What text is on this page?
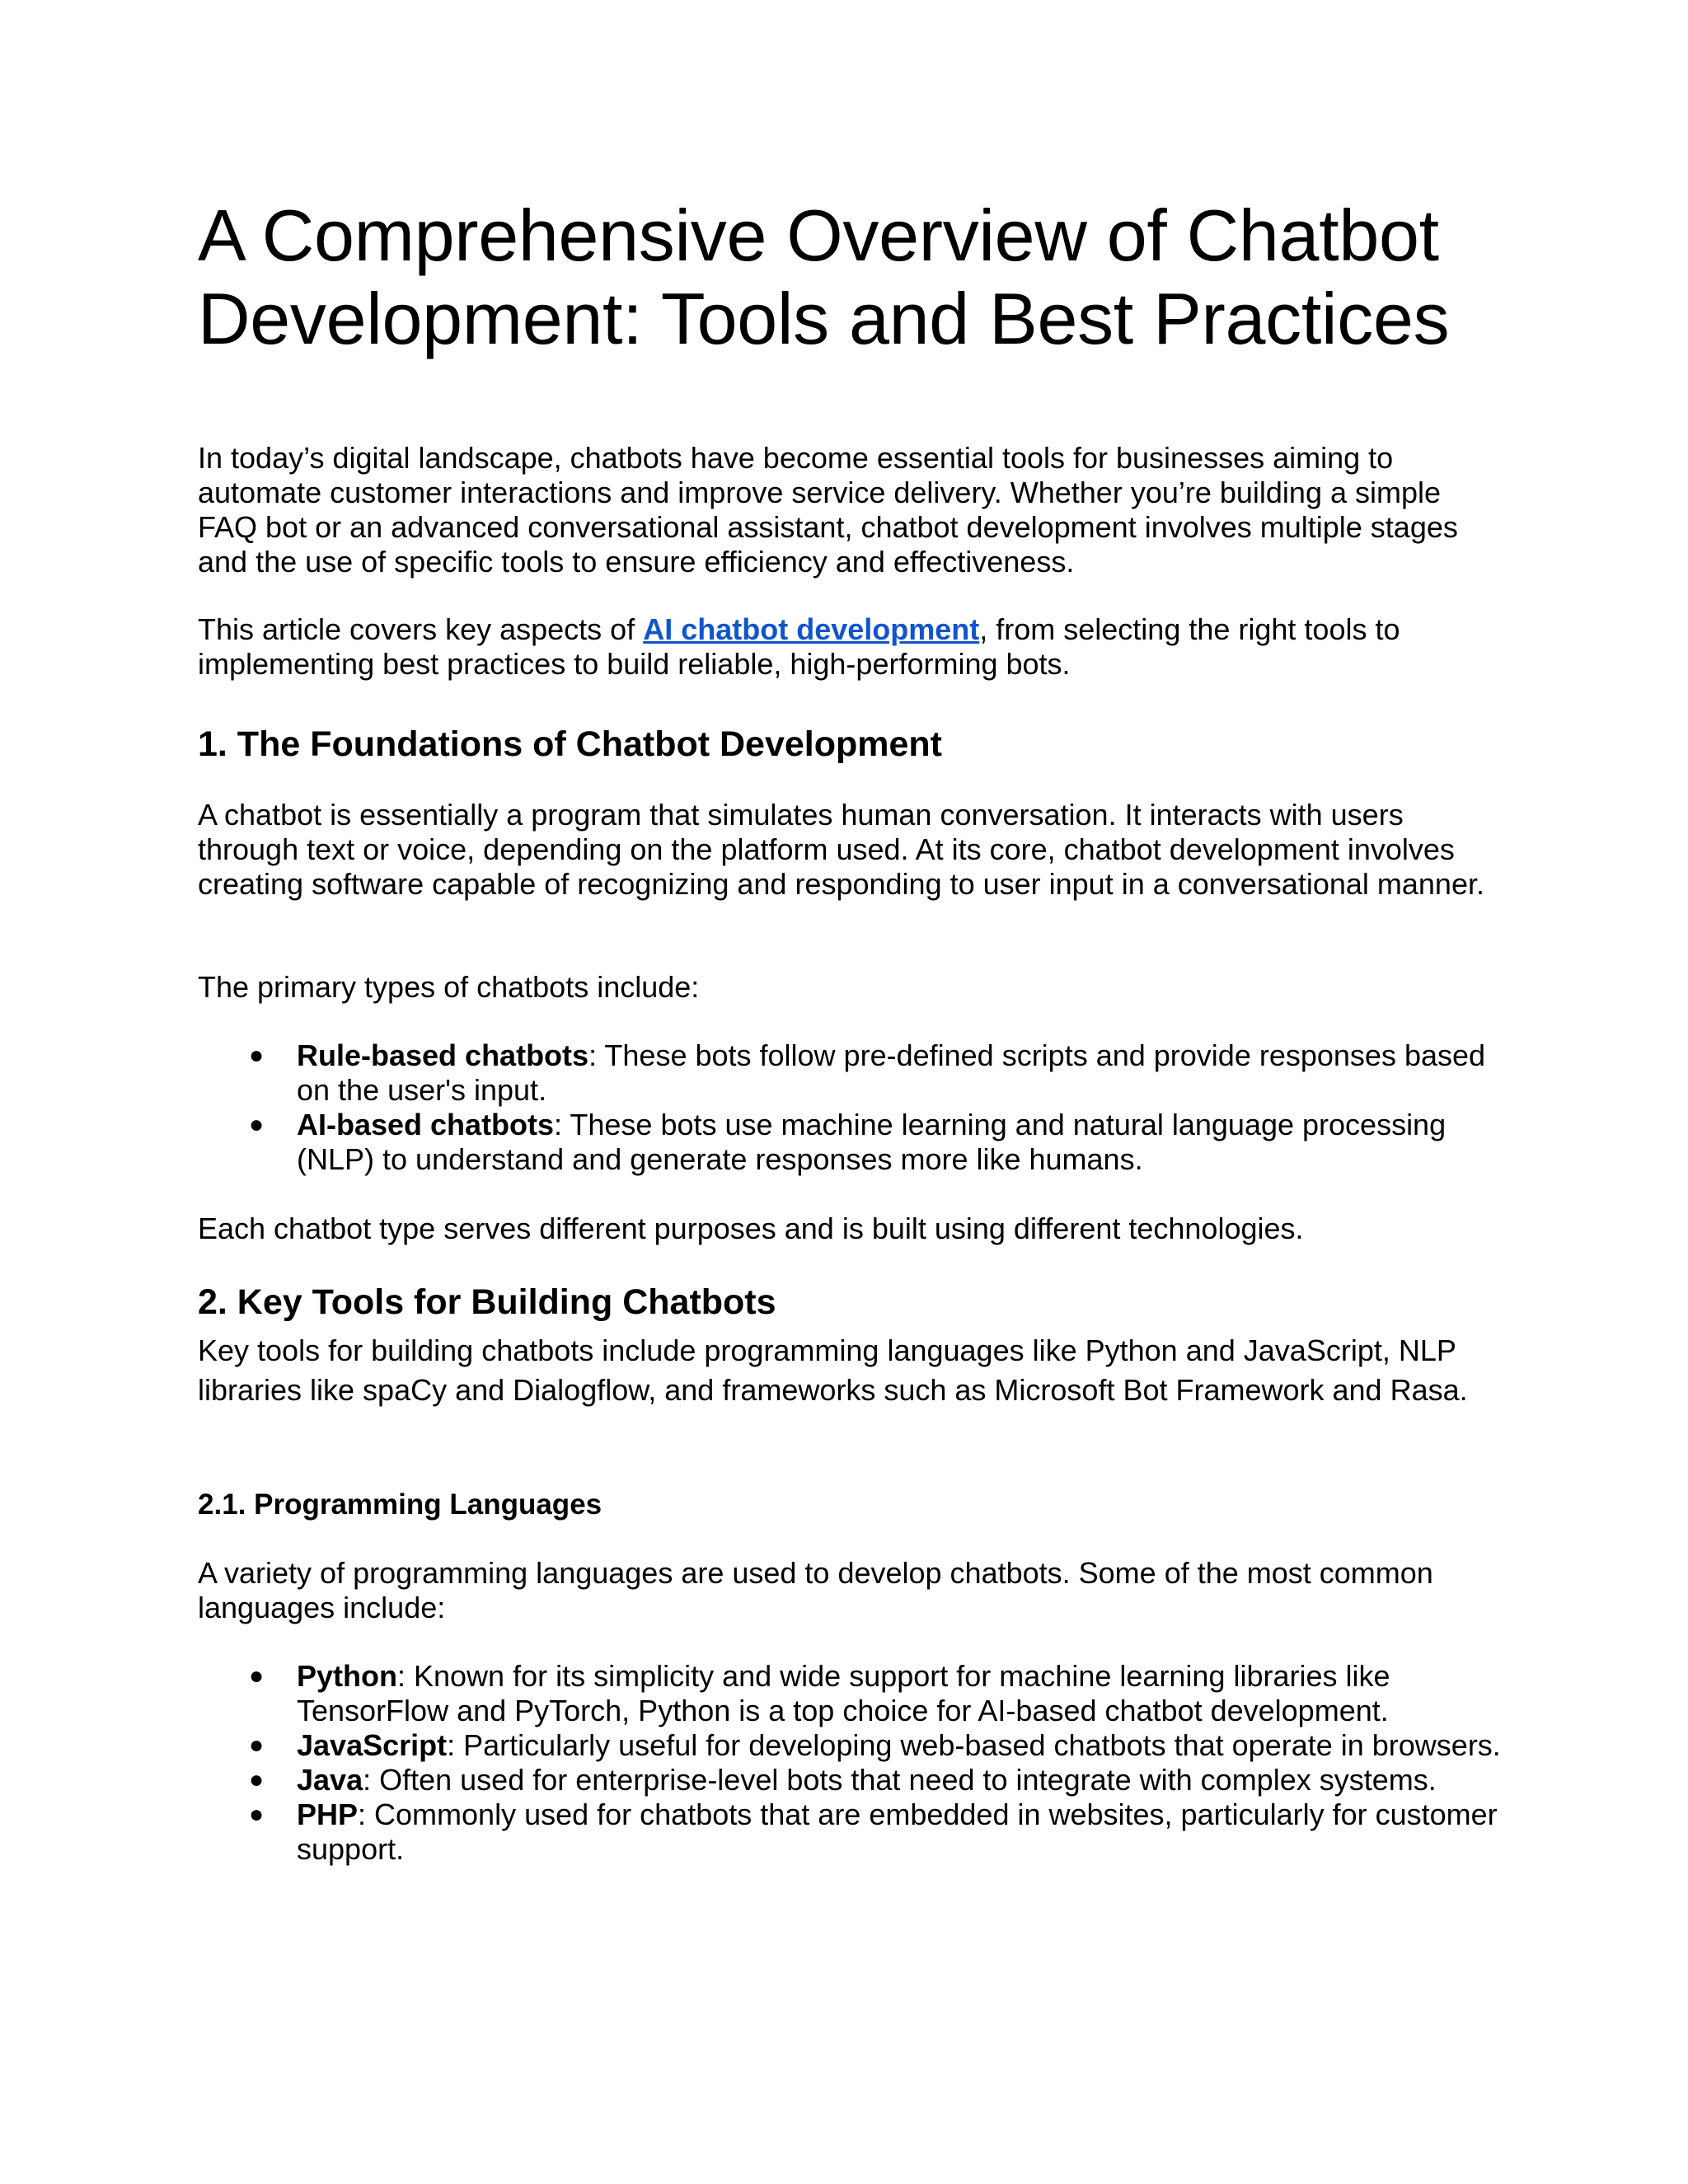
A Comprehensive Overview of Chatbot Development: Tools and Best Practices

In today’s digital landscape, chatbots have become essential tools for businesses aiming to automate customer interactions and improve service delivery. Whether you’re building a simple FAQ bot or an advanced conversational assistant, chatbot development involves multiple stages and the use of specific tools to ensure efficiency and effectiveness.

This article covers key aspects of AI chatbot development, from selecting the right tools to implementing best practices to build reliable, high-performing bots.

1. The Foundations of Chatbot Development

A chatbot is essentially a program that simulates human conversation. It interacts with users through text or voice, depending on the platform used. At its core, chatbot development involves creating software capable of recognizing and responding to user input in a conversational manner.

The primary types of chatbots include:

● Rule-based chatbots: These bots follow pre-defined scripts and provide responses based on the user's input.
● AI-based chatbots: These bots use machine learning and natural language processing (NLP) to understand and generate responses more like humans.

Each chatbot type serves different purposes and is built using different technologies.

2. Key Tools for Building Chatbots

Key tools for building chatbots include programming languages like Python and JavaScript, NLP libraries like spaCy and Dialogflow, and frameworks such as Microsoft Bot Framework and Rasa.

2.1. Programming Languages

A variety of programming languages are used to develop chatbots. Some of the most common languages include:

● Python: Known for its simplicity and wide support for machine learning libraries like TensorFlow and PyTorch, Python is a top choice for AI-based chatbot development.
● JavaScript: Particularly useful for developing web-based chatbots that operate in browsers.
● Java: Often used for enterprise-level bots that need to integrate with complex systems.
● PHP: Commonly used for chatbots that are embedded in websites, particularly for customer support.
